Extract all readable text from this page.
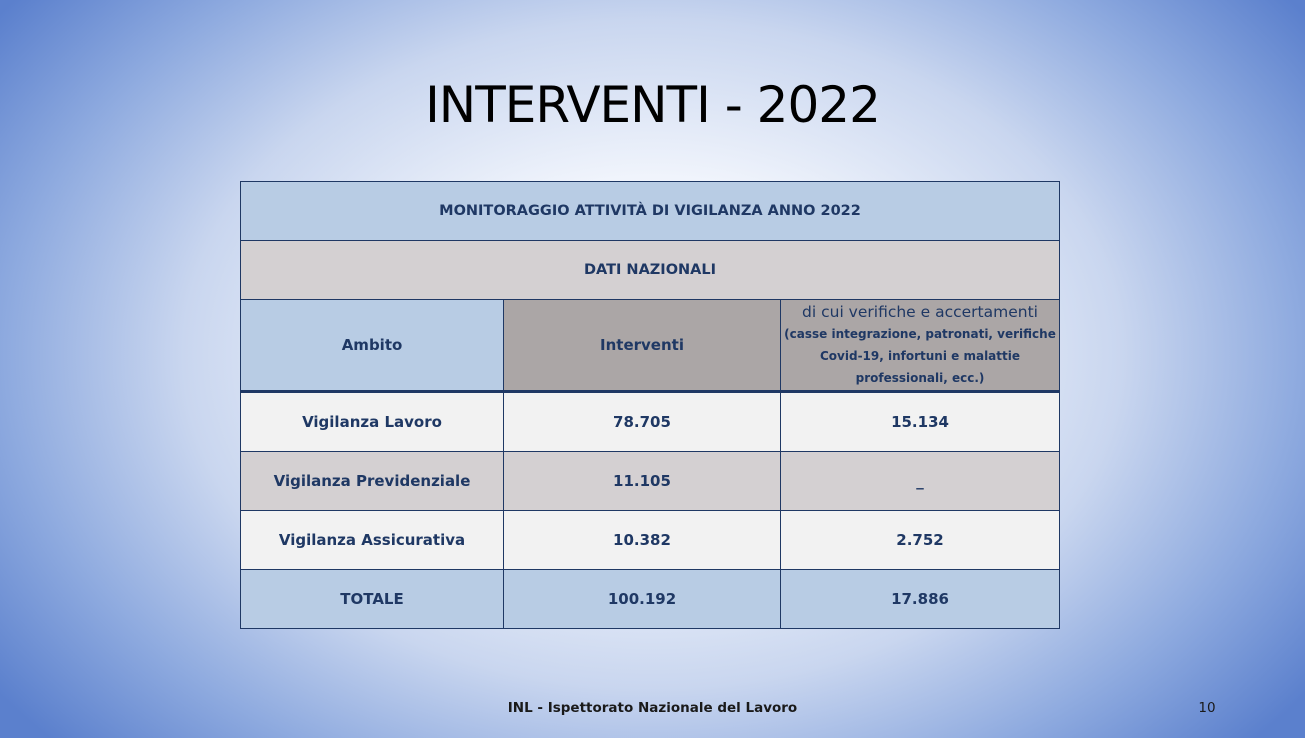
INTERVENTI - 2022
MONITORAGGIO ATTIVITÀ DI VIGILANZA ANNO 2022		
DATI NAZIONALI		
Ambito	Interventi	di cui verifiche e accertamenti
(casse integrazione, patronati, verifiche Covid-19, infortuni e malattie professionali, ecc.)

Vigilanza Lavoro	78.705	15.134
Vigilanza Previdenziale	11.105	_
Vigilanza Assicurativa	10.382	2.752
TOTALE	100.192	17.886
INL - Ispettorato Nazionale del Lavoro	10
